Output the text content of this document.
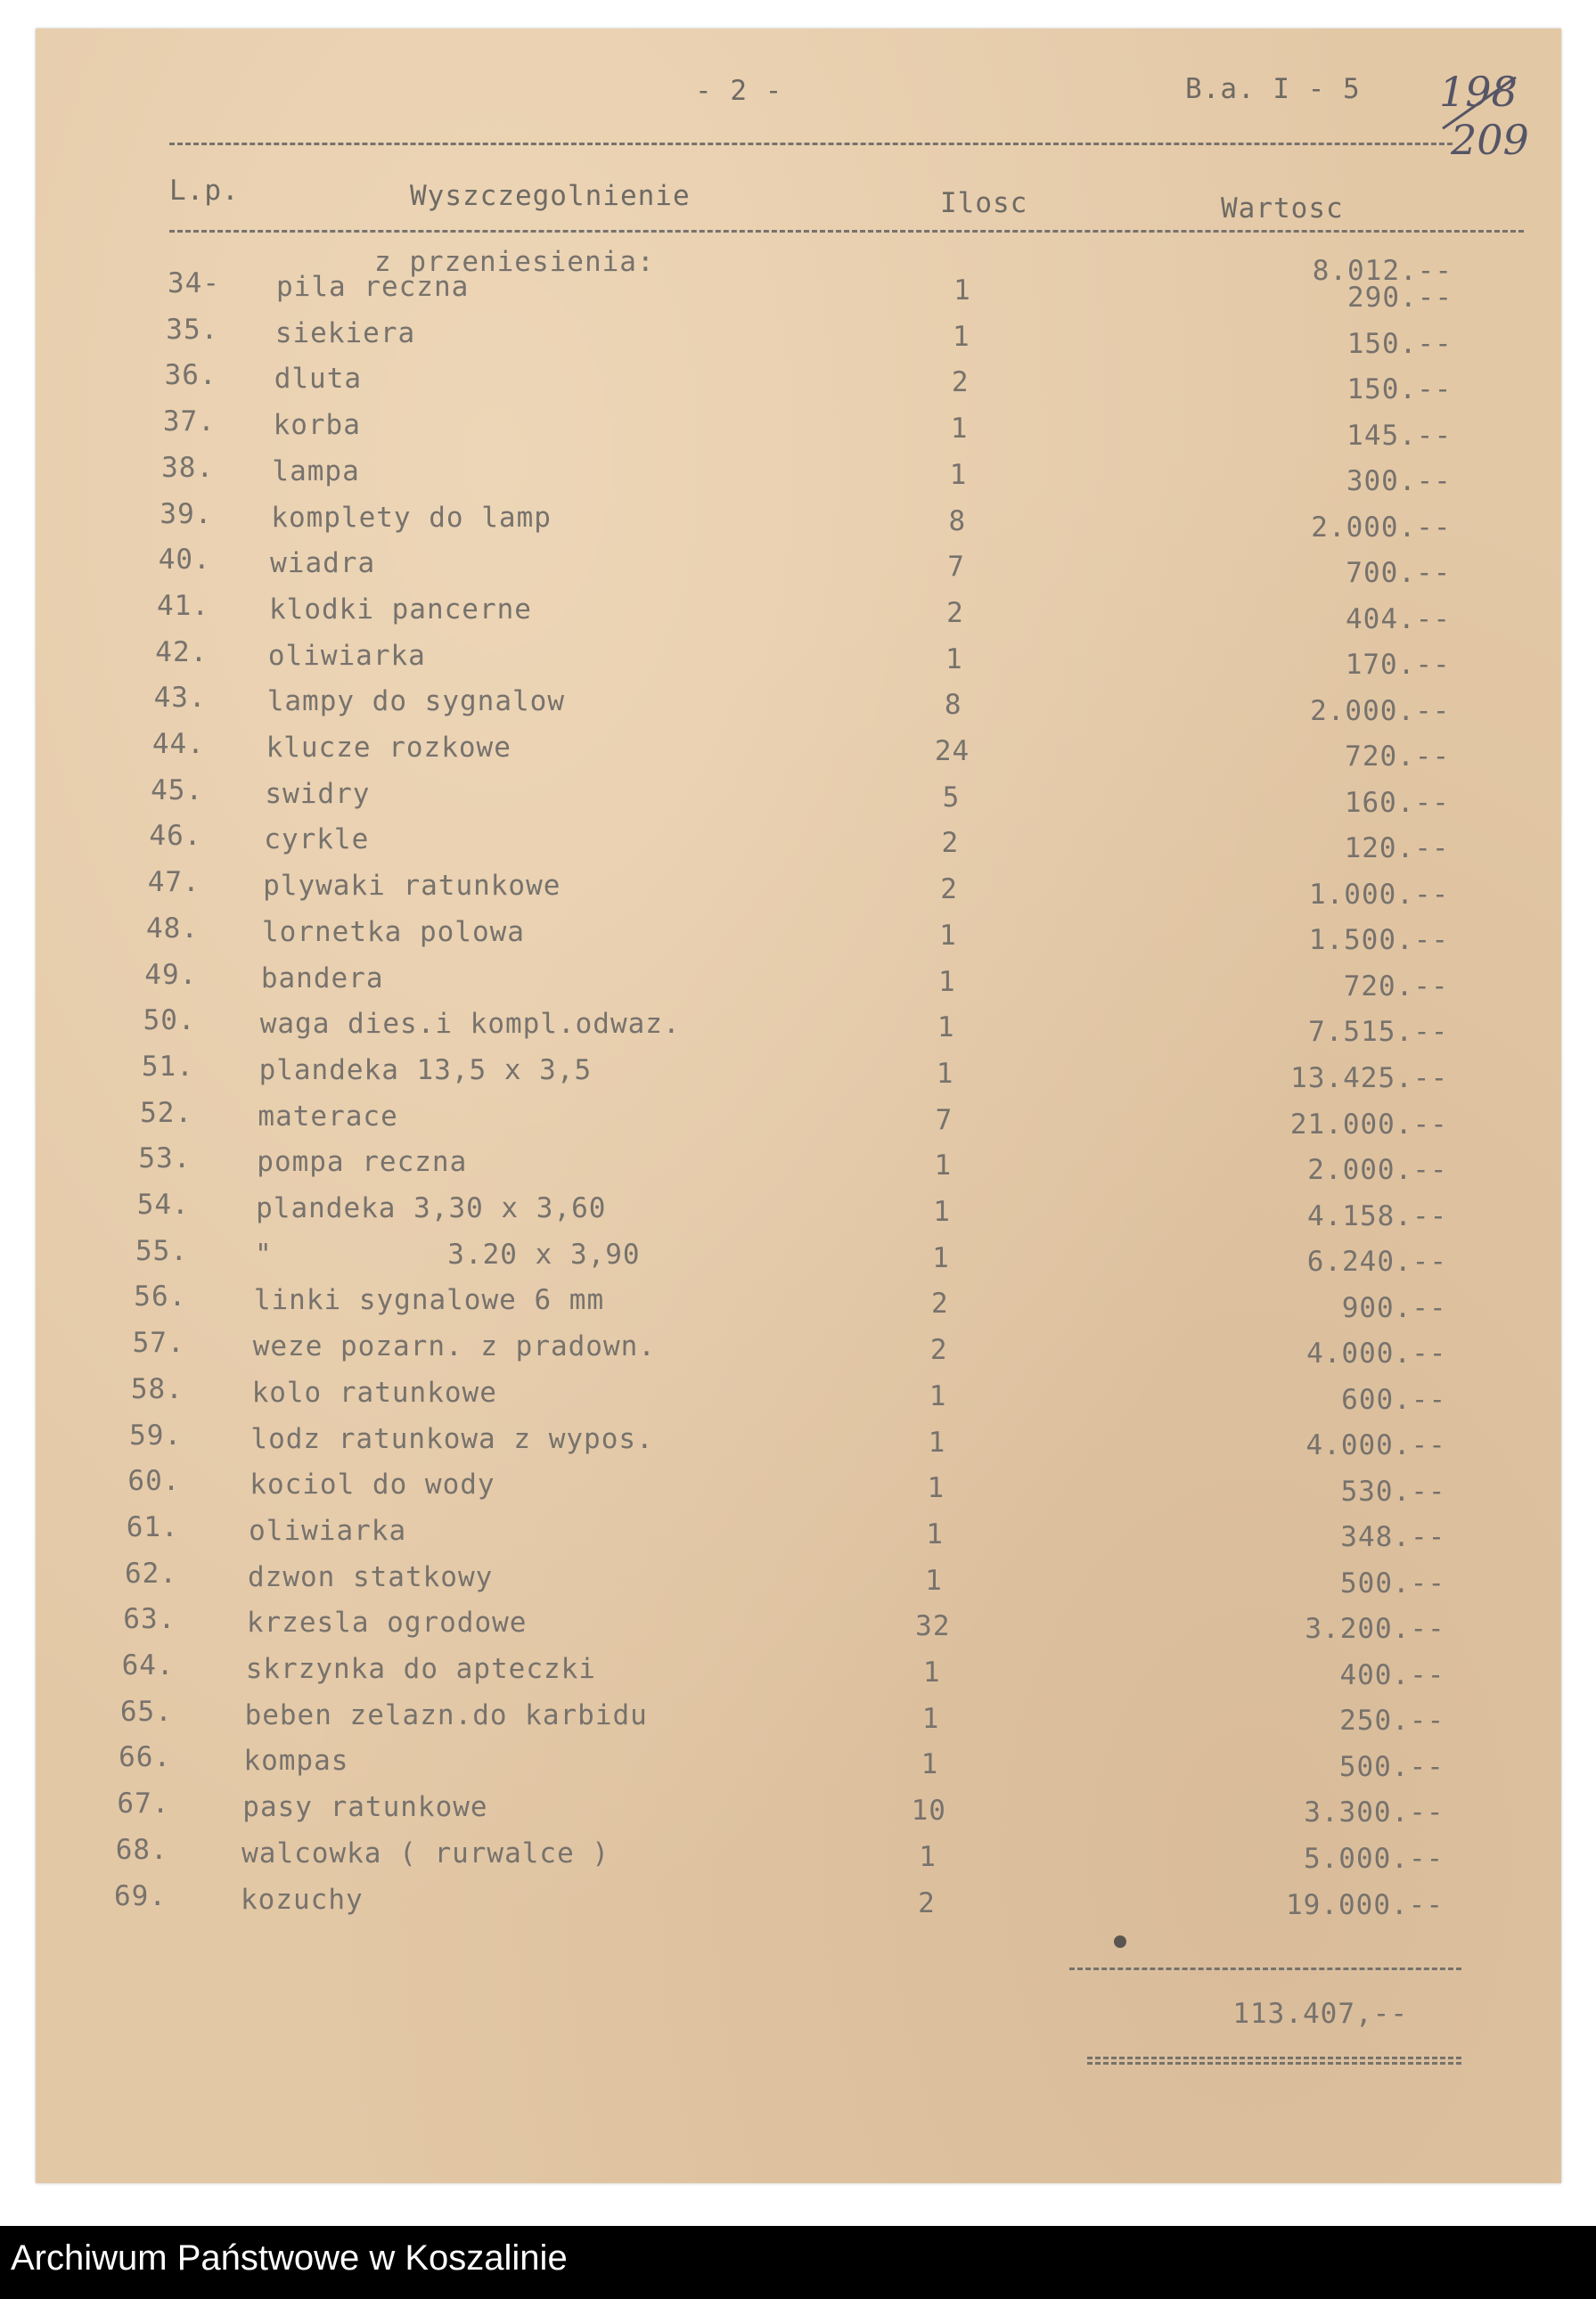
- 2 -	B.a. I - 5 198
209
L.p.	Wyszczegolnienie	Ilosc	Wartosc
z przeniesienia:	8.012.--
34- pila reczna	1	290.--
35. siekiera	1	150.--
36. dluta	2	150.--
37. korba	1	145.--
38. lampa	1	300.--
39. komplety do lamp	8	2.000.--
40. wiadra	7	700.--
41. klodki pancerne	2	404.--
42. oliwiarka	1	170.--
43. lampy do sygnalow	8	2.000.--
44. klucze rozkowe	24	720.--
45. swidry	5	160.--
46. cyrkle	2	120.--
47. plywaki ratunkowe	2	1.000.--
48. lornetka polowa	1	1.500.--
49. bandera	1	720.--
50. waga dies.i kompl.odwaz.	1	7.515.--
51. plandeka 13,5 x 3,5	1	13.425.--
52. materace	7	21.000.--
53. pompa reczna	1	2.000.--
54. plandeka 3,30 x 3,60	1	4.158.--
55. "          3.20 x 3,90	1	6.240.--
56. linki sygnalowe 6 mm	2	900.--
57. weze pozarn. z pradown.	2	4.000.--
58. kolo ratunkowe	1	600.--
59. lodz ratunkowa z wypos.	1	4.000.--
60.	kociol do wody	1	530.--
61.	oliwiarka	1	348.--
62.	dzwon statkowy	1	500.--
63.	krzesla ogrodowe	32	3.200.--
64.	skrzynka do apteczki	1	400.--
65.	beben zelazn.do karbidu	1	250.--
66.	kompas	1	500.--
67.	pasy ratunkowe	10	3.300.--
68.	walcowka ( rurwalce )	1	5.000.--
69.	kozuchy	2	19.000.--
113.407,--
Archiwum Państwowe w Koszalinie
